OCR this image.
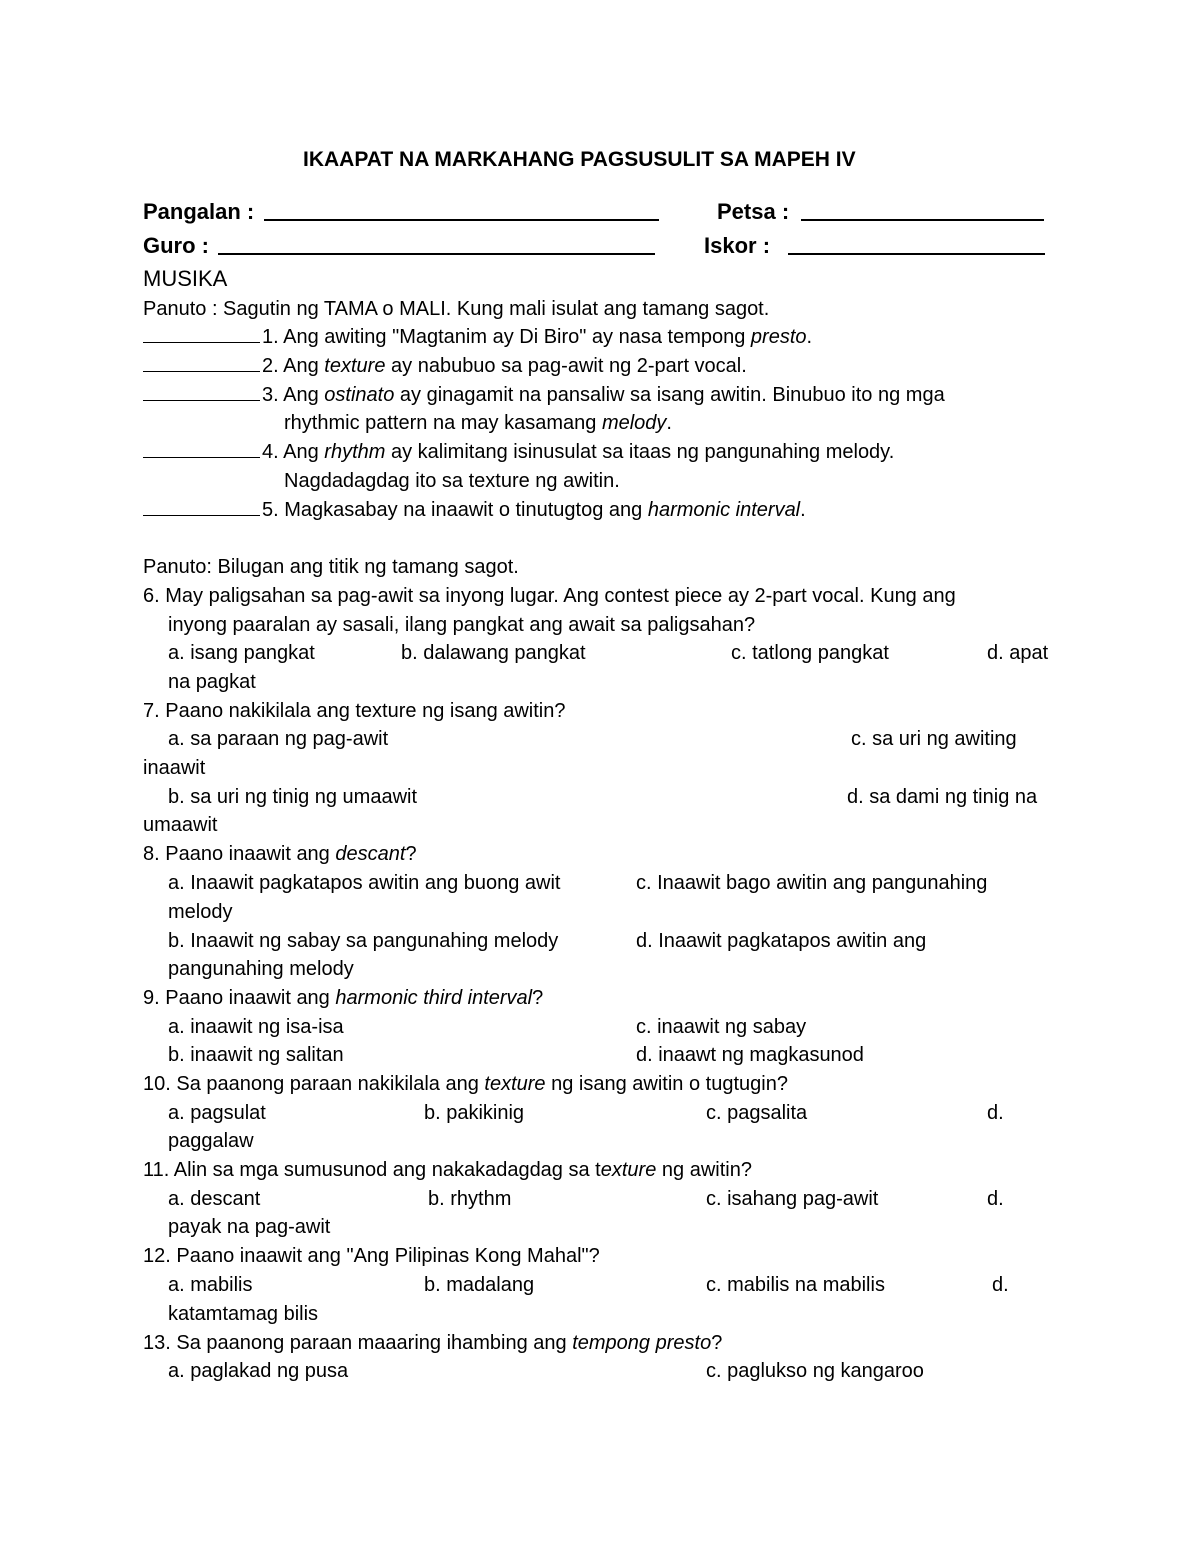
IKAAPAT NA MARKAHANG PAGSUSULIT SA MAPEH IV
Pangalan :	Petsa :
Guro :	Iskor :
MUSIKA
Panuto : Sagutin ng TAMA o MALI. Kung mali isulat ang tamang sagot.
1. Ang awiting "Magtanim ay Di Biro" ay nasa tempong presto.
2. Ang texture ay nabubuo sa pag-awit ng 2-part vocal.
3. Ang ostinato ay ginagamit na pansaliw sa isang awitin. Binubuo ito ng mga
rhythmic pattern na may kasamang melody.
4. Ang rhythm ay kalimitang isinusulat sa itaas ng pangunahing melody.
Nagdadagdag ito sa texture ng awitin.
5. Magkasabay na inaawit o tinutugtog ang harmonic interval.
Panuto: Bilugan ang titik ng tamang sagot.
6. May paligsahan sa pag-awit sa inyong lugar. Ang contest piece ay 2-part vocal. Kung ang
inyong paaralan ay sasali, ilang pangkat ang await sa paligsahan?
a. isang pangkat	b. dalawang pangkat	c. tatlong pangkat	d. apat
na pagkat
7. Paano nakikilala ang texture ng isang awitin?
a. sa paraan ng pag-awit	c. sa uri ng awiting
inaawit
b. sa uri ng tinig ng umaawit	d. sa dami ng tinig na
umaawit
8. Paano inaawit ang descant?
a. Inaawit pagkatapos awitin ang buong awit	c. Inaawit bago awitin ang pangunahing
melody
b. Inaawit ng sabay sa pangunahing melody	d. Inaawit pagkatapos awitin ang
pangunahing melody
9. Paano inaawit ang harmonic third interval?
a. inaawit ng isa-isa	c. inaawit ng sabay
b. inaawit ng salitan	d. inaawt ng magkasunod
10. Sa paanong paraan nakikilala ang texture ng isang awitin o tugtugin?
a. pagsulat	b. pakikinig	c. pagsalita	d.
paggalaw
11. Alin sa mga sumusunod ang nakakadagdag sa texture ng awitin?
a. descant	b. rhythm	c. isahang pag-awit	d.
payak na pag-awit
12. Paano inaawit ang "Ang Pilipinas Kong Mahal"?
a. mabilis	b. madalang	c. mabilis na mabilis	d.
katamtamag bilis
13. Sa paanong paraan maaaring ihambing ang tempong presto?
a. paglakad ng pusa	c. paglukso ng kangaroo
